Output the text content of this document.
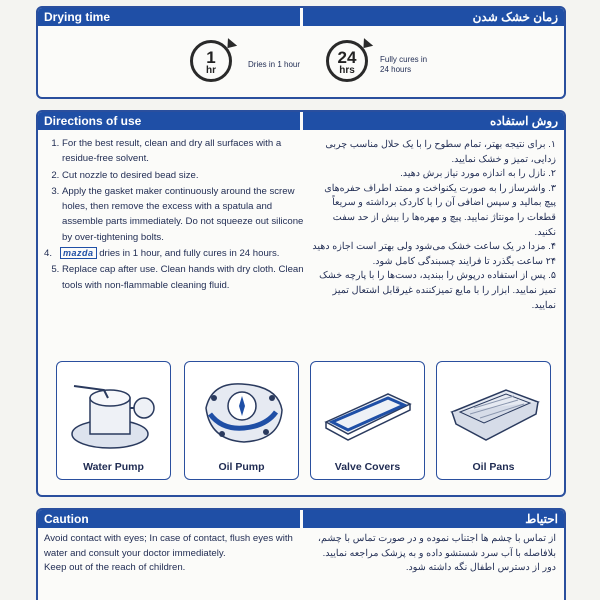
Drying time	زمان خشک شدن
1
hr
Dries in 1 hour	24
hrs
Fully cures in
24 hours
Directions of use	روش استفاده
1. For the best result, clean and dry all surfaces with a residue-free solvent.
2. Cut nozzle to desired bead size.
3. Apply the gasket maker continuously around the screw holes, then remove the excess with a spatula and assemble parts immediately. Do not squeeze out silicone by over-tightening bolts.
4. mazda dries in 1 hour, and fully cures in 24 hours.
5. Replace cap after use. Clean hands with dry cloth. Clean tools with non-flammable cleaning fluid.

۱. برای نتیجه بهتر، تمام سطوح را با یک حلال مناسب چربی زدایی، تمیز و خشک نمایید.

۲. نازل را به اندازه مورد نیاز برش دهید.

۳. واشرساز را به صورت یکنواخت و ممتد اطراف حفره‌های پیچ بمالید و سپس اضافی آن را با کاردک برداشته و سریعاً قطعات را مونتاژ نمایید. پیچ و مهره‌ها را بیش از حد سفت نکنید.

۴. مزدا در یک ساعت خشک می‌شود ولی بهتر است اجازه دهید ۲۴ ساعت بگذرد تا فرایند چسبندگی کامل شود.

۵. پس از استفاده درپوش را ببندید، دست‌ها را با پارچه خشک تمیز نمایید. ابزار را با مایع تمیزکننده غیرقابل اشتعال تمیز نمایید.

Water Pump	Oil Pump	Valve Covers	Oil Pans
Caution	احتیاط

Avoid contact with eyes; In case of contact, flush eyes with water and consult your doctor immediately.

Keep out of the reach of children.

از تماس با چشم ها اجتناب نموده و در صورت تماس با چشم، بلافاصله با آب سرد شستشو داده و به پزشک مراجعه نمایید.

دور از دسترس اطفال نگه داشته شود.
